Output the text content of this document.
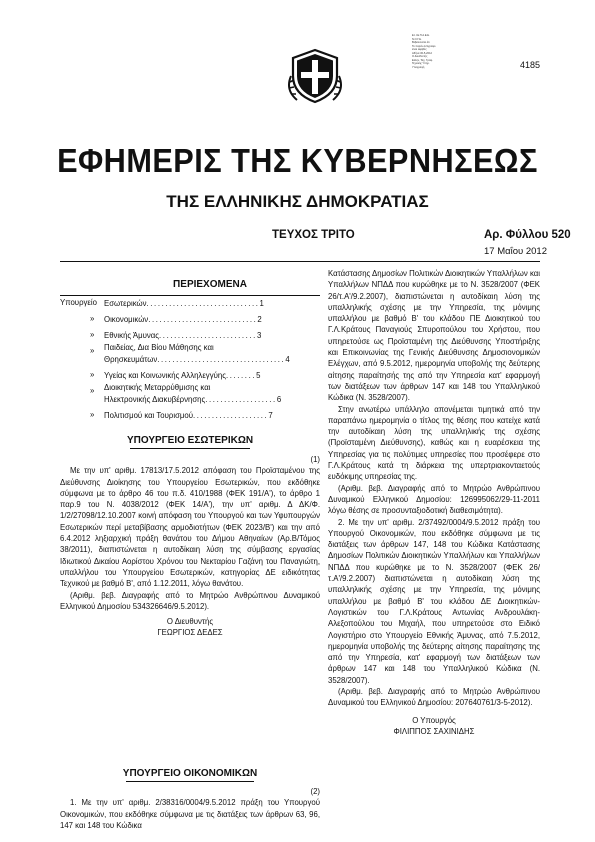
Ε.Ι.Ι.Ε.Π.Α.Ε.Ε.
Ν.Ο.Γ.Ε.
Βεβαιώνεται ότι
Το παρόν αντίγραφο
είναι ακριβές
Αθήνα 30-5-2012
Ο Διευθυντής
Ελλην. Ταχ. Γραφ.
Τεχνικής Υπηρ.
Υπογραφή	4185
ΕΦΗΜΕΡΙΣ ΤΗΣ ΚΥΒΕΡΝΗΣΕΩΣ
ΤΗΣ ΕΛΛΗΝΙΚΗΣ ΔΗΜΟΚΡΑΤΙΑΣ
ΤΕΥΧΟΣ ΤΡΙΤΟ	Αρ. Φύλλου 520
17 Μαΐου 2012
ΠΕΡΙΕΧΟΜΕΝΑ
Υπουργείο Εσωτερικών..............................1
» Οικονομικών.............................2
» Εθνικής Άμυνας..........................3
» Παιδείας, Δια Βίου Μάθησης και
Θρησκευμάτων..................................4
» Υγείας και Κοινωνικής Αλληλεγγύης........5
» Διοικητικής Μεταρρύθμισης και
Ηλεκτρονικής Διακυβέρνησης...................6
» Πολιτισμού και Τουρισμού....................7
ΥΠΟΥΡΓΕΙΟ ΕΣΩΤΕΡΙΚΩΝ
(1)

Με την υπ' αριθμ. 17813/17.5.2012 απόφαση του Προϊσταμένου της Διεύθυνσης Διοίκησης του Υπουργείου Εσωτερικών, που εκδόθηκε σύμφωνα με το άρθρο 46 του π.δ. 410/1988 (ΦΕΚ 191/Α'), το άρθρο 1 παρ.9 του Ν. 4038/2012 (ΦΕΚ 14/Α'), την υπ' αριθμ. Δ ΔΚ/Φ. 1/2/27098/12.10.2007 κοινή απόφαση του Υπουργού και των Υφυπουργών Εσωτερικών περί μεταβίβασης αρμοδιοτήτων (ΦΕΚ 2023/Β') και την από 6.4.2012 ληξιαρχική πράξη θανάτου του Δήμου Αθηναίων (Αρ.Β/Τόμος 38/2011), διαπιστώνεται η αυτοδίκαιη λύση της σύμβασης εργασίας Ιδιωτικού Δικαίου Αορίστου Χρόνου του Νεκταρίου Γαζάνη του Παναγιώτη, υπαλλήλου του Υπουργείου Εσωτερικών, κατηγορίας ΔΕ ειδικότητας Τεχνικού με βαθμό Β', από 1.12.2011, λόγω θανάτου.

(Αριθμ. βεβ. Διαγραφής από το Μητρώο Ανθρώπινου Δυναμικού Ελληνικού Δημοσίου 534326646/9.5.2012).

Ο Διευθυντής
ΓΕΩΡΓΙΟΣ ΔΕΔΕΣ
ΥΠΟΥΡΓΕΙΟ ΟΙΚΟΝΟΜΙΚΩΝ
(2)

1. Με την υπ' αριθμ. 2/38316/0004/9.5.2012 πράξη του Υπουργού Οικονομικών, που εκδόθηκε σύμφωνα με τις διατάξεις των άρθρων 63, 96, 147 και 148 του Κώδικα

Κατάστασης Δημοσίων Πολιτικών Διοικητικών Υπαλλήλων και Υπαλλήλων ΝΠΔΔ που κυρώθηκε με το Ν. 3528/2007 (ΦΕΚ 26/τ.Α'/9.2.2007), διαπιστώνεται η αυτοδίκαιη λύση της υπαλληλικής σχέσης με την Υπηρεσία, της μόνιμης υπαλλήλου με βαθμό Β' του κλάδου ΠΕ Διοικητικού του Γ.Λ.Κράτους Παναγιούς Σπυροπούλου του Χρήστου, που υπηρετούσε ως Προϊσταμένη της Διεύθυνσης Υποστήριξης και Επικοινωνίας της Γενικής Διεύθυνσης Δημοσιονομικών Ελέγχων, από 9.5.2012, ημερομηνία υποβολής της δεύτερης αίτησης παραίτησής της από την Υπηρεσία κατ' εφαρμογή των διατάξεων των άρθρων 147 και 148 του Υπαλληλικού Κώδικα (Ν. 3528/2007).

Στην ανωτέρω υπάλληλο απονέμεται τιμητικά από την παραπάνω ημερομηνία ο τίτλος της θέσης που κατείχε κατά την αυτοδίκαιη λύση της υπαλληλικής της σχέσης (Προϊσταμένη Διεύθυνσης), καθώς και η ευαρέσκεια της Υπηρεσίας για τις πολύτιμες υπηρεσίες που προσέφερε στο Γ.Λ.Κράτους κατά τη διάρκεια της υπερτριακονταετούς ευδόκιμης υπηρεσίας της.

(Αριθμ. βεβ. Διαγραφής από το Μητρώο Ανθρώπινου Δυναμικού Ελληνικού Δημοσίου: 126995062/29-11-2011 λόγω θέσης σε προσυνταξιοδοτική διαθεσιμότητα).

2. Με την υπ' αριθμ. 2/37492/0004/9.5.2012 πράξη του Υπουργού Οικονομικών, που εκδόθηκε σύμφωνα με τις διατάξεις των άρθρων 147, 148 του Κώδικα Κατάστασης Δημοσίων Πολιτικών Διοικητικών Υπαλλήλων και Υπαλλήλων ΝΠΔΔ που κυρώθηκε με το Ν. 3528/2007 (ΦΕΚ 26/τ.Α'/9.2.2007) διαπιστώνεται η αυτοδίκαιη λύση της υπαλληλικής σχέσης με την Υπηρεσία, της μόνιμης υπαλλήλου με βαθμό Β' του κλάδου ΔΕ Διοικητικών-Λογιστικών του Γ.Λ.Κράτους Αντωνίας Ανδρουλάκη-Αλεξοπούλου του Μιχαήλ, που υπηρετούσε στο Ειδικό Λογιστήριο στο Υπουργείο Εθνικής Άμυνας, από 7.5.2012, ημερομηνία υποβολής της δεύτερης αίτησης παραίτησης της από την Υπηρεσία, κατ' εφαρμογή των διατάξεων των άρθρων 147 και 148 του Υπαλληλικού Κώδικα (Ν. 3528/2007).

(Αριθμ. βεβ. Διαγραφής από το Μητρώο Ανθρώπινου Δυναμικού του Ελληνικού Δημοσίου: 207640761/3-5-2012).

Ο Υπουργός
ΦΙΛΙΠΠΟΣ ΣΑΧΙΝΙΔΗΣ
